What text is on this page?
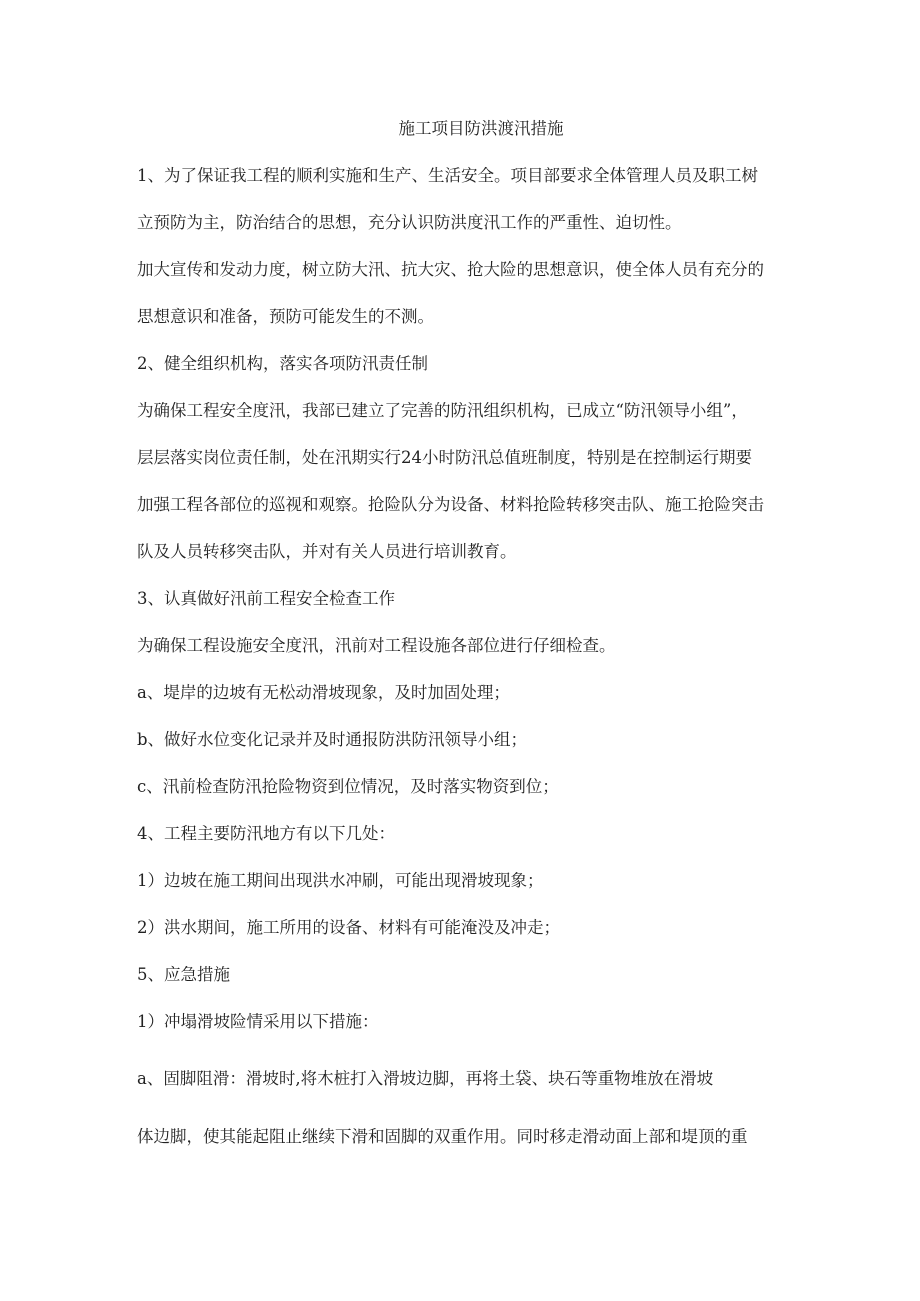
施工项目防洪渡汛措施
1、为了保证我工程的顺利实施和生产、生活安全。项目部要求全体管理人员及职工树
立预防为主，防治结合的思想，充分认识防洪度汛工作的严重性、迫切性。
加大宣传和发动力度，树立防大汛、抗大灾、抢大险的思想意识，使全体人员有充分的
思想意识和准备，预防可能发生的不测。
2、健全组织机构，落实各项防汛责任制
为确保工程安全度汛，我部已建立了完善的防汛组织机构，已成立“防汛领导小组”，
层层落实岗位责任制，处在汛期实行24小时防汛总值班制度，特别是在控制运行期要
加强工程各部位的巡视和观察。抢险队分为设备、材料抢险转移突击队、施工抢险突击
队及人员转移突击队，并对有关人员进行培训教育。
3、认真做好汛前工程安全检查工作
为确保工程设施安全度汛，汛前对工程设施各部位进行仔细检查。
a、堤岸的边坡有无松动滑坡现象，及时加固处理；
b、做好水位变化记录并及时通报防洪防汛领导小组；
c、汛前检查防汛抢险物资到位情况，及时落实物资到位；
4、工程主要防汛地方有以下几处：
1）边坡在施工期间出现洪水冲刷，可能出现滑坡现象；
2）洪水期间，施工所用的设备、材料有可能淹没及冲走；
5、应急措施
1）冲塌滑坡险情采用以下措施：
a、固脚阻滑：滑坡时,将木桩打入滑坡边脚，再将土袋、块石等重物堆放在滑坡
体边脚，使其能起阻止继续下滑和固脚的双重作用。同时移走滑动面上部和堤顶的重
